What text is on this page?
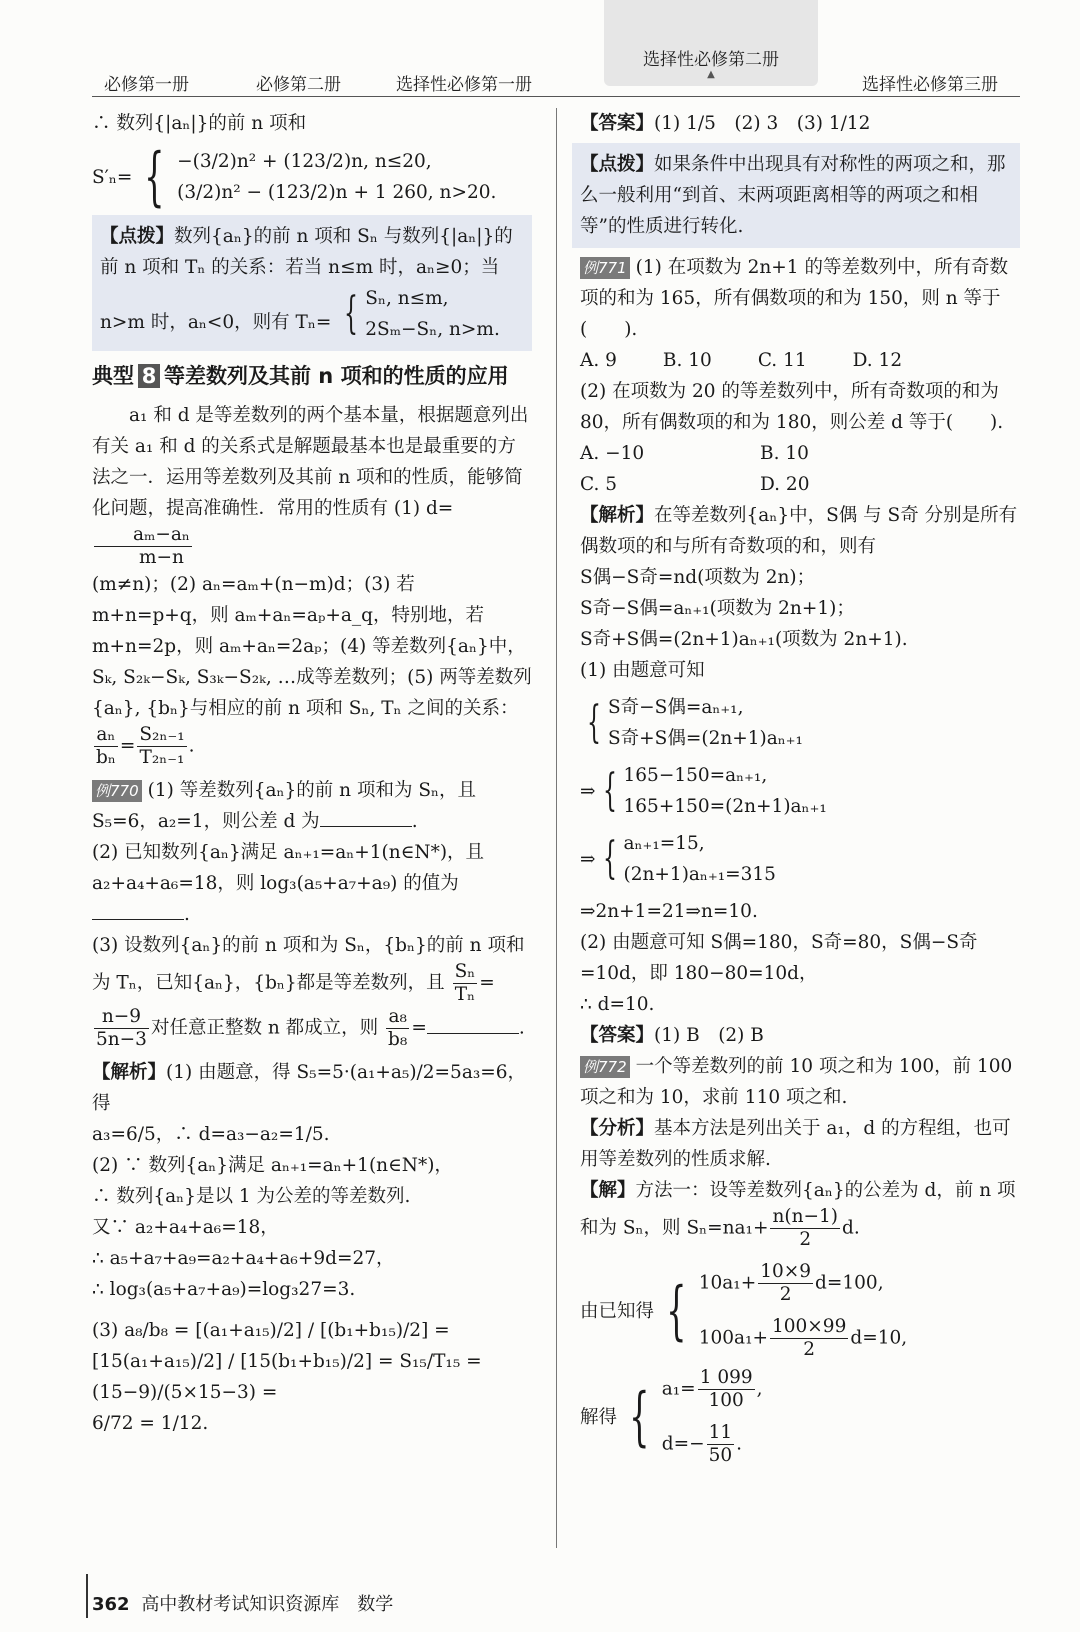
必修第一册	必修第二册	选择性必修第一册
选择性必修第二册
▲
选择性必修第三册

∴ 数列{|aₙ|}的前 n 项和

S′ₙ= { −(3/2)n² + (123/2)n, n≤20,
(3/2)n² − (123/2)n + 1 260, n>20.
【点拨】数列{aₙ}的前 n 项和 Sₙ 与数列{|aₙ|}的前 n 项和 Tₙ 的关系：若当 n≤m 时，aₙ≥0；当 n>m 时，aₙ<0，则有 Tₙ= { Sₙ, n≤m,
2Sₘ−Sₙ, n>m.
典型 8 等差数列及其前 n 项和的性质的应用

a₁ 和 d 是等差数列的两个基本量，根据题意列出有关 a₁ 和 d 的关系式是解题最基本也是最重要的方法之一．运用等差数列及其前 n 项和的性质，能够简化问题，提高准确性．常用的性质有 (1) d=
$\frac{\text{aₘ−aₙ}}{m-n}$

(m≠n)；(2) aₙ=aₘ+(n−m)d；(3) 若 m+n=p+q，则 aₘ+aₙ=aₚ+a_q，特别地，若 m+n=2p，则 aₘ+aₙ=2aₚ；(4) 等差数列{aₙ}中，Sₖ, S₂ₖ−Sₖ, S₃ₖ−S₂ₖ, …成等差数列；(5) 两等差数列{aₙ}, {bₙ}与相应的前 n 项和 Sₙ, Tₙ 之间的关系：
$\frac{\text{aₙ}}{\text{bₙ}} = \frac{\text{S₂ₙ₋₁}}{\text{T₂ₙ₋₁}}$ .

例770 (1) 等差数列{aₙ}的前 n 项和为 Sₙ，且 S₅=6，a₂=1，则公差 d 为	.

(2) 已知数列{aₙ}满足 aₙ₊₁=aₙ+1(n∈N*)，且 a₂+a₄+a₆=18，则 log₃(a₅+a₇+a₉) 的值为.

(3) 设数列{aₙ}的前 n 项和为 Sₙ，{bₙ}的前 n 项和为 Tₙ，已知{aₙ}，{bₙ}都是等差数列，且 $\frac{\text{Sₙ}}{\text{Tₙ}}$ =
$\frac{n-9}{5n-3}$ 对任意正整数 n 都成立，则 $\frac{\text{a₈}}{\text{b₈}}$ =	.

【解析】(1) 由题意，得 S₅=5·(a₁+a₅)/2=5a₃=6，得

a₃=6/5，∴ d=a₃−a₂=1/5.

(2) ∵ 数列{aₙ}满足 aₙ₊₁=aₙ+1(n∈N*)，

∴ 数列{aₙ}是以 1 为公差的等差数列.

又∵ a₂+a₄+a₆=18，

∴ a₅+a₇+a₉=a₂+a₄+a₆+9d=27，

∴ log₃(a₅+a₇+a₉)=log₃27=3.

(3) a₈/b₈ = [(a₁+a₁₅)/2] / [(b₁+b₁₅)/2] = [15(a₁+a₁₅)/2] / [15(b₁+b₁₅)/2] = S₁₅/T₁₅ = (15−9)/(5×15−3) =

6/72 = 1/12.

【答案】(1) 1/5　(2) 3　(3) 1/12

【点拨】如果条件中出现具有对称性的两项之和，那么一般利用“到首、末两项距离相等的两项之和相等”的性质进行转化.

例771 (1) 在项数为 2n+1 的等差数列中，所有奇数项的和为 165，所有偶数项的和为 150，则 n 等于(　　).

A. 9 B. 10 C. 11 D. 12

(2) 在项数为 20 的等差数列中，所有奇数项的和为 80，所有偶数项的和为 180，则公差 d 等于(　　).

A. −10	B. 10
C. 5	D. 20

【解析】在等差数列{aₙ}中，S偶 与 S奇 分别是所有偶数项的和与所有奇数项的和，则有

S偶−S奇=nd(项数为 2n)；

S奇−S偶=aₙ₊₁(项数为 2n+1)；

S奇+S偶=(2n+1)aₙ₊₁(项数为 2n+1).

(1) 由题意可知

{ S奇−S偶=aₙ₊₁,
S奇+S偶=(2n+1)aₙ₊₁
⇒ { 165−150=aₙ₊₁,
165+150=(2n+1)aₙ₊₁
⇒ { aₙ₊₁=15,
(2n+1)aₙ₊₁=315

⇒2n+1=21⇒n=10.

(2) 由题意可知 S偶=180，S奇=80，S偶−S奇=10d，即 180−80=10d，

∴ d=10.

【答案】(1) B　(2) B

例772 一个等差数列的前 10 项之和为 100，前 100 项之和为 10，求前 110 项之和.

【分析】基本方法是列出关于 a₁，d 的方程组，也可用等差数列的性质求解.

【解】方法一：设等差数列{aₙ}的公差为 d，前 n 项和为 Sₙ，则 $S_n=na_1+ \frac{n(n-1)}{2} d$.

由已知得 { $10a_1+ \frac{10\times 9}{2} d=100$,
$100a_1+ \frac{100\times 99}{2} d=10$,
解得 { $a_1= \frac{1 099}{100}$ ,
$d=- \frac{11}{50}$ .
362 高中教材考试知识资源库　数学
